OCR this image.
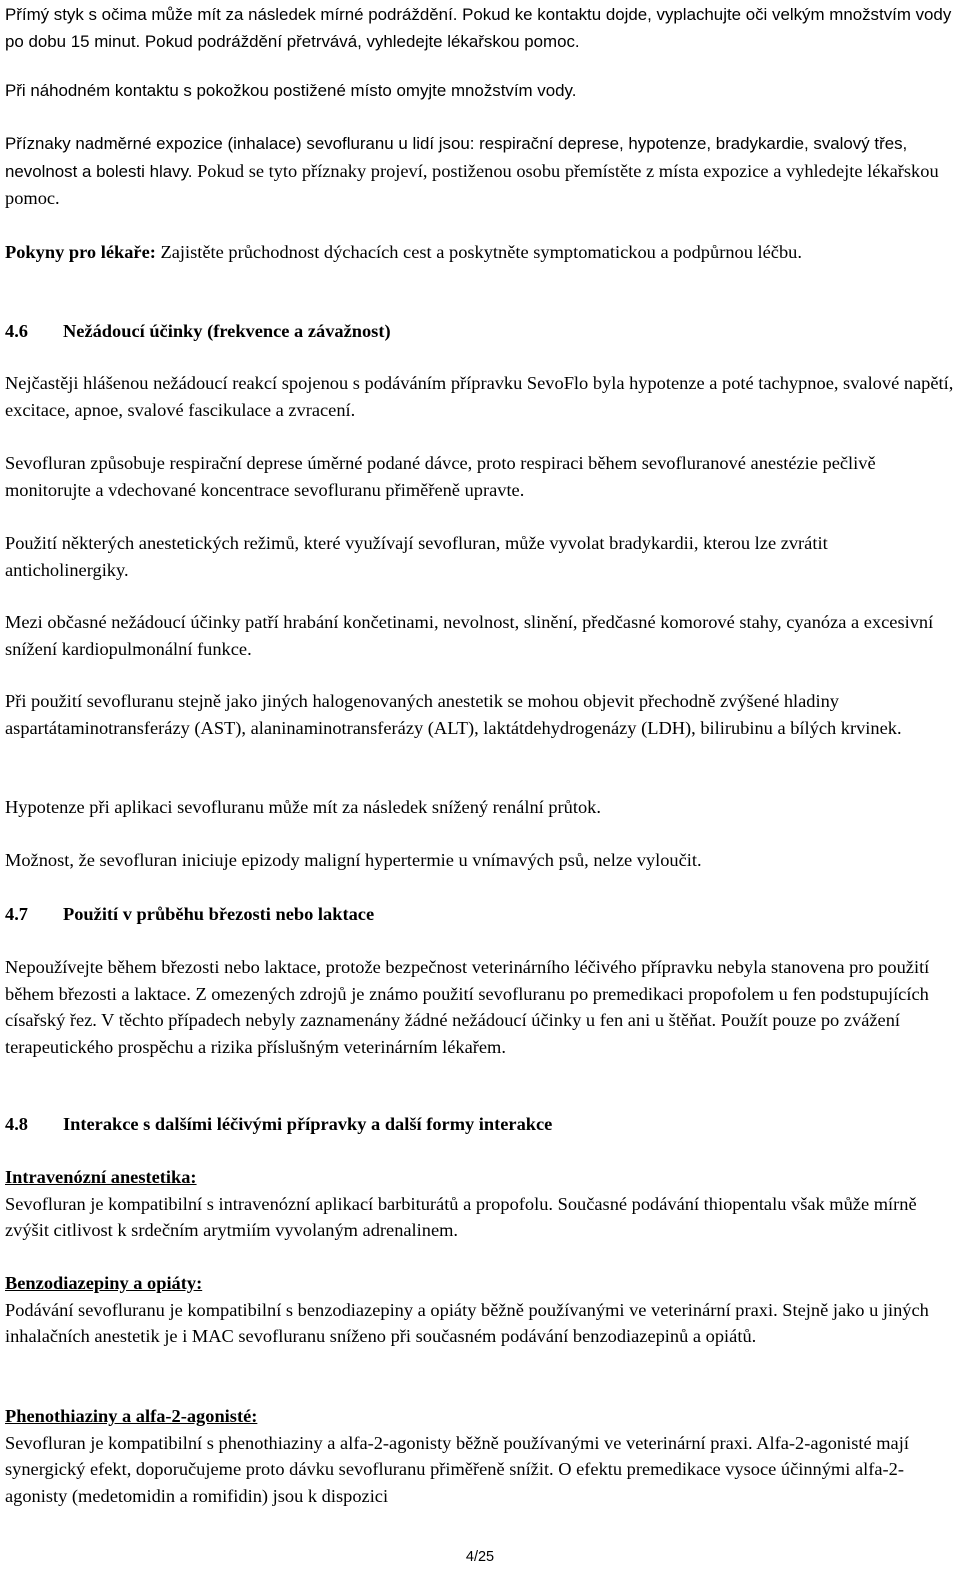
Přímý styk s očima může mít za následek mírné podráždění. Pokud ke kontaktu dojde, vyplachujte oči velkým množstvím vody po dobu 15 minut. Pokud podráždění přetrvává, vyhledejte lékařskou pomoc.

Při náhodném kontaktu s pokožkou postižené místo omyjte množstvím vody.

Příznaky nadměrné expozice (inhalace) sevofluranu u lidí jsou: respirační deprese, hypotenze, bradykardie, svalový třes, nevolnost a bolesti hlavy. Pokud se tyto příznaky projeví, postiženou osobu přemístěte z místa expozice a vyhledejte lékařskou pomoc.

Pokyny pro lékaře: Zajistěte průchodnost dýchacích cest a poskytněte symptomatickou a podpůrnou léčbu.

4.6 Nežádoucí účinky (frekvence a závažnost)

Nejčastěji hlášenou nežádoucí reakcí spojenou s podáváním přípravku SevoFlo byla hypotenze a poté tachypnoe, svalové napětí, excitace, apnoe, svalové fascikulace a zvracení.

Sevofluran způsobuje respirační deprese úměrné podané dávce, proto respiraci během sevofluranové anestézie pečlivě monitorujte a vdechované koncentrace sevofluranu přiměřeně upravte.

Použití některých anestetických režimů, které využívají sevofluran, může vyvolat bradykardii, kterou lze zvrátit anticholinergiky.

Mezi občasné nežádoucí účinky patří hrabání končetinami, nevolnost, slinění, předčasné komorové stahy, cyanóza a excesivní snížení kardiopulmonální funkce.

Při použití sevofluranu stejně jako jiných halogenovaných anestetik se mohou objevit přechodně zvýšené hladiny aspartátaminotransferázy (AST), alaninaminotransferázy (ALT), laktátdehydrogenázy (LDH), bilirubinu a bílých krvinek.

Hypotenze při aplikaci sevofluranu může mít za následek snížený renální průtok.

Možnost, že sevofluran iniciuje epizody maligní hypertermie u vnímavých psů, nelze vyloučit.

4.7 Použití v průběhu březosti nebo laktace

Nepoužívejte během březosti nebo laktace, protože bezpečnost veterinárního léčivého přípravku nebyla stanovena pro použití během březosti a laktace. Z omezených zdrojů je známo použití sevofluranu po premedikaci propofolem u fen podstupujících císařský řez. V těchto případech nebyly zaznamenány žádné nežádoucí účinky u fen ani u štěňat. Použít pouze po zvážení terapeutického prospěchu a rizika příslušným veterinárním lékařem.

4.8 Interakce s dalšími léčivými přípravky a další formy interakce

Intravenózní anestetika:
Sevofluran je kompatibilní s intravenózní aplikací barbiturátů a propofolu. Současné podávání thiopentalu však může mírně zvýšit citlivost k srdečním arytmiím vyvolaným adrenalinem.

Benzodiazepiny a opiáty:
Podávání sevofluranu je kompatibilní s benzodiazepiny a opiáty běžně používanými ve veterinární praxi. Stejně jako u jiných inhalačních anestetik je i MAC sevofluranu sníženo při současném podávání benzodiazepinů a opiátů.

Phenothiaziny a alfa-2-agonisté:
Sevofluran je kompatibilní s phenothiaziny a alfa-2-agonisty běžně používanými ve veterinární praxi. Alfa-2-agonisté mají synergický efekt, doporučujeme proto dávku sevofluranu přiměřeně snížit. O efektu premedikace vysoce účinnými alfa-2-agonisty (medetomidin a romifidin) jsou k dispozici

4/25
